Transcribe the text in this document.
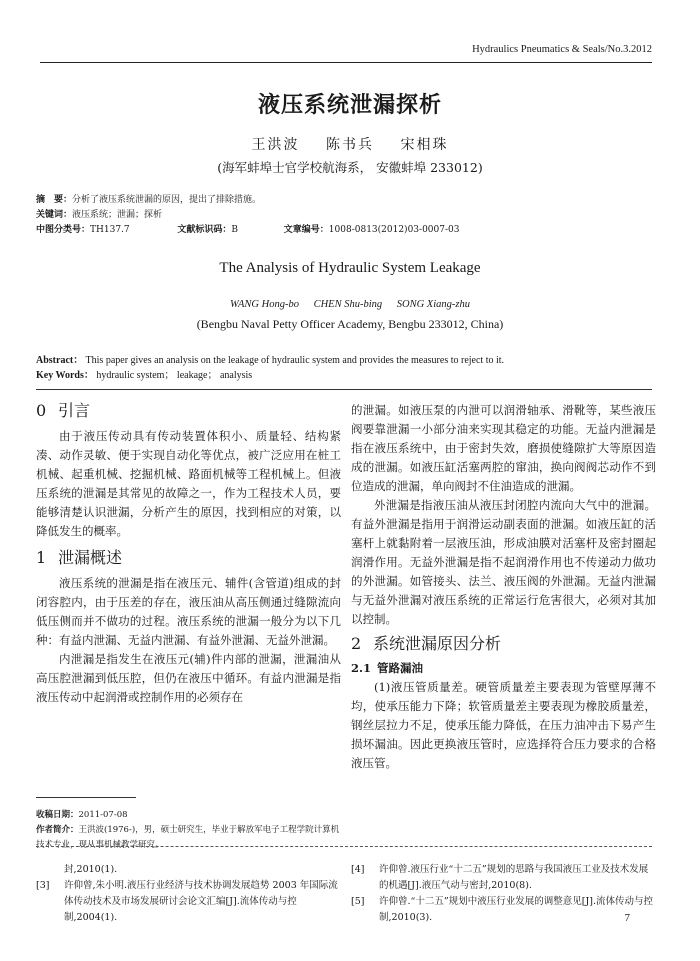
Hydraulics Pneumatics & Seals/No.3.2012
液压系统泄漏探析
王洪波 陈书兵 宋相珠
(海军蚌埠士官学校航海系， 安徽蚌埠 233012)
摘　要：分析了液压系统泄漏的原因，提出了排除措施。
关键词：液压系统；泄漏；探析
中图分类号：TH137.7	文献标识码：B	文章编号：1008-0813(2012)03-0007-03
The Analysis of Hydraulic System Leakage
WANG Hong-bo CHEN Shu-bing SONG Xiang-zhu
(Bengbu Naval Petty Officer Academy, Bengbu 233012, China)
Abstract： This paper gives an analysis on the leakage of hydraulic system and provides the measures to reject to it.
Key Words： hydraulic system； leakage； analysis
0 引言

由于液压传动具有传动装置体积小、质量轻、结构紧凑、动作灵敏、便于实现自动化等优点，被广泛应用在桩工机械、起重机械、挖掘机械、路面机械等工程机械上。但液压系统的泄漏是其常见的故障之一，作为工程技术人员，要能够清楚认识泄漏，分析产生的原因，找到相应的对策，以降低发生的概率。

1 泄漏概述

液压系统的泄漏是指在液压元、辅件(含管道)组成的封闭容腔内，由于压差的存在，液压油从高压侧通过缝隙流向低压侧而并不做功的过程。液压系统的泄漏一般分为以下几种：有益内泄漏、无益内泄漏、有益外泄漏、无益外泄漏。

内泄漏是指发生在液压元(辅)件内部的泄漏，泄漏油从高压腔泄漏到低压腔，但仍在液压中循环。有益内泄漏是指液压传动中起润滑或控制作用的必须存在

收稿日期：2011-07-08
作者简介：王洪波(1976-)，男，硕士研究生，毕业于解放军电子工程学院计算机技术专业，现从事机械教学研究。

的泄漏。如液压泵的内泄可以润滑轴承、滑靴等，某些液压阀要靠泄漏一小部分油来实现其稳定的功能。无益内泄漏是指在液压系统中，由于密封失效，磨损使缝隙扩大等原因造成的泄漏。如液压缸活塞两腔的窜油，换向阀阀芯动作不到位造成的泄漏，单向阀封不住油造成的泄漏。

外泄漏是指液压油从液压封闭腔内流向大气中的泄漏。有益外泄漏是指用于润滑运动副表面的泄漏。如液压缸的活塞杆上就黏附着一层液压油，形成油膜对活塞杆及密封圈起润滑作用。无益外泄漏是指不起润滑作用也不传递动力做功的外泄漏。如管接头、法兰、液压阀的外泄漏。无益内泄漏与无益外泄漏对液压系统的正常运行危害很大，必须对其加以控制。

2 系统泄漏原因分析
2.1 管路漏油

(1)液压管质量差。硬管质量差主要表现为管壁厚薄不均，使承压能力下降；软管质量差主要表现为橡胶质量差，钢丝层拉力不足，使承压能力降低，在压力油冲击下易产生损坏漏油。因此更换液压管时，应选择符合压力要求的合格液压管。

封,2010(1).
[3]	许仰曾,朱小明.液压行业经济与技术协调发展趋势 2003 年国际流体传动技术及市场发展研讨会论文汇编[J].流体传动与控制,2004(1).
[4]	许仰曾.液压行业“十二五”规划的思路与我国液压工业及技术发展的机遇[J].液压气动与密封,2010(8).
[5]	许仰曾.“十二五”规划中液压行业发展的调整意见[J].流体传动与控制,2010(3).	7
